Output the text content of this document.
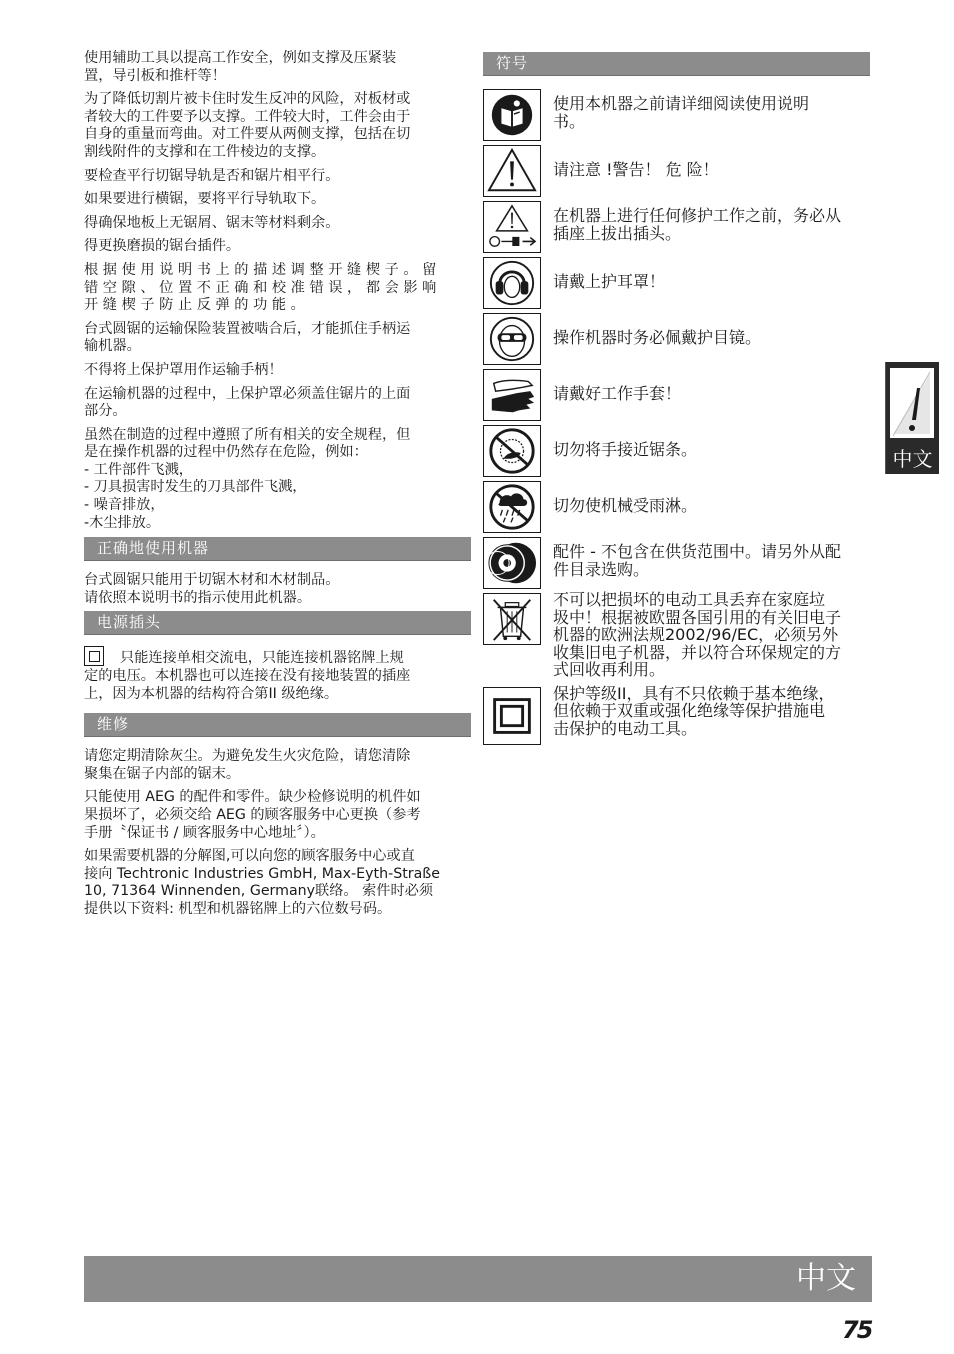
使用辅助工具以提高工作安全，例如支撑及压紧装
置，导引板和推杆等！
为了降低切割片被卡住时发生反冲的风险，对板材或
者较大的工件要予以支撑。工件较大时，工件会由于
自身的重量而弯曲。对工件要从两侧支撑，包括在切
割线附件的支撑和在工件棱边的支撑。
要检查平行切锯导轨是否和锯片相平行。
如果要进行横锯，要将平行导轨取下。
得确保地板上无锯屑、锯末等材料剩余。
得更换磨损的锯台插件。
根据使用说明书上的描述调整开缝楔子。留
错空隙、位置不正确和校准错误，都会影响
开缝楔子防止反弹的功能。
台式圆锯的运输保险装置被啮合后，才能抓住手柄运
输机器。
不得将上保护罩用作运输手柄！
在运输机器的过程中，上保护罩必须盖住锯片的上面
部分。
虽然在制造的过程中遵照了所有相关的安全规程，但
是在操作机器的过程中仍然存在危险，例如：
- 工件部件飞溅，
- 刀具损害时发生的刀具部件飞溅，
- 噪音排放，
-木尘排放。
正确地使用机器
台式圆锯只能用于切锯木材和木材制品。
请依照本说明书的指示使用此机器。
电源插头
只能连接单相交流电，只能连接机器铭牌上规
定的电压。本机器也可以连接在没有接地装置的插座
上，因为本机器的结构符合第II 级绝缘。
维修
请您定期清除灰尘。为避免发生火灾危险，请您清除
聚集在锯子内部的锯末。
只能使用 AEG 的配件和零件。缺少检修说明的机件如
果损坏了，必须交给 AEG 的顾客服务中心更换（参考
手册〝保证书 / 顾客服务中心地址〞）。
如果需要机器的分解图,可以向您的顾客服务中心或直
接向 Techtronic Industries GmbH, Max-Eyth-Straße
10, 71364 Winnenden, Germany联络。 索件时必须
提供以下资料: 机型和机器铭牌上的六位数号码。
符号
使用本机器之前请详细阅读使用说明
书。
请注意 !警告！ 危 险！
在机器上进行任何修护工作之前，务必从
插座上拔出插头。
请戴上护耳罩！
操作机器时务必佩戴护目镜。
请戴好工作手套！
切勿将手接近锯条。
切勿使机械受雨淋。
配件 - 不包含在供货范围中。请另外从配
件目录选购。
不可以把损坏的电动工具丢弃在家庭垃
圾中！根据被欧盟各国引用的有关旧电子
机器的欧洲法规2002/96/EC，必须另外
收集旧电子机器，并以符合环保规定的方
式回收再利用。
保护等级II，具有不只依赖于基本绝缘，
但依赖于双重或强化绝缘等保护措施电
击保护的电动工具。
中文
中文
75
